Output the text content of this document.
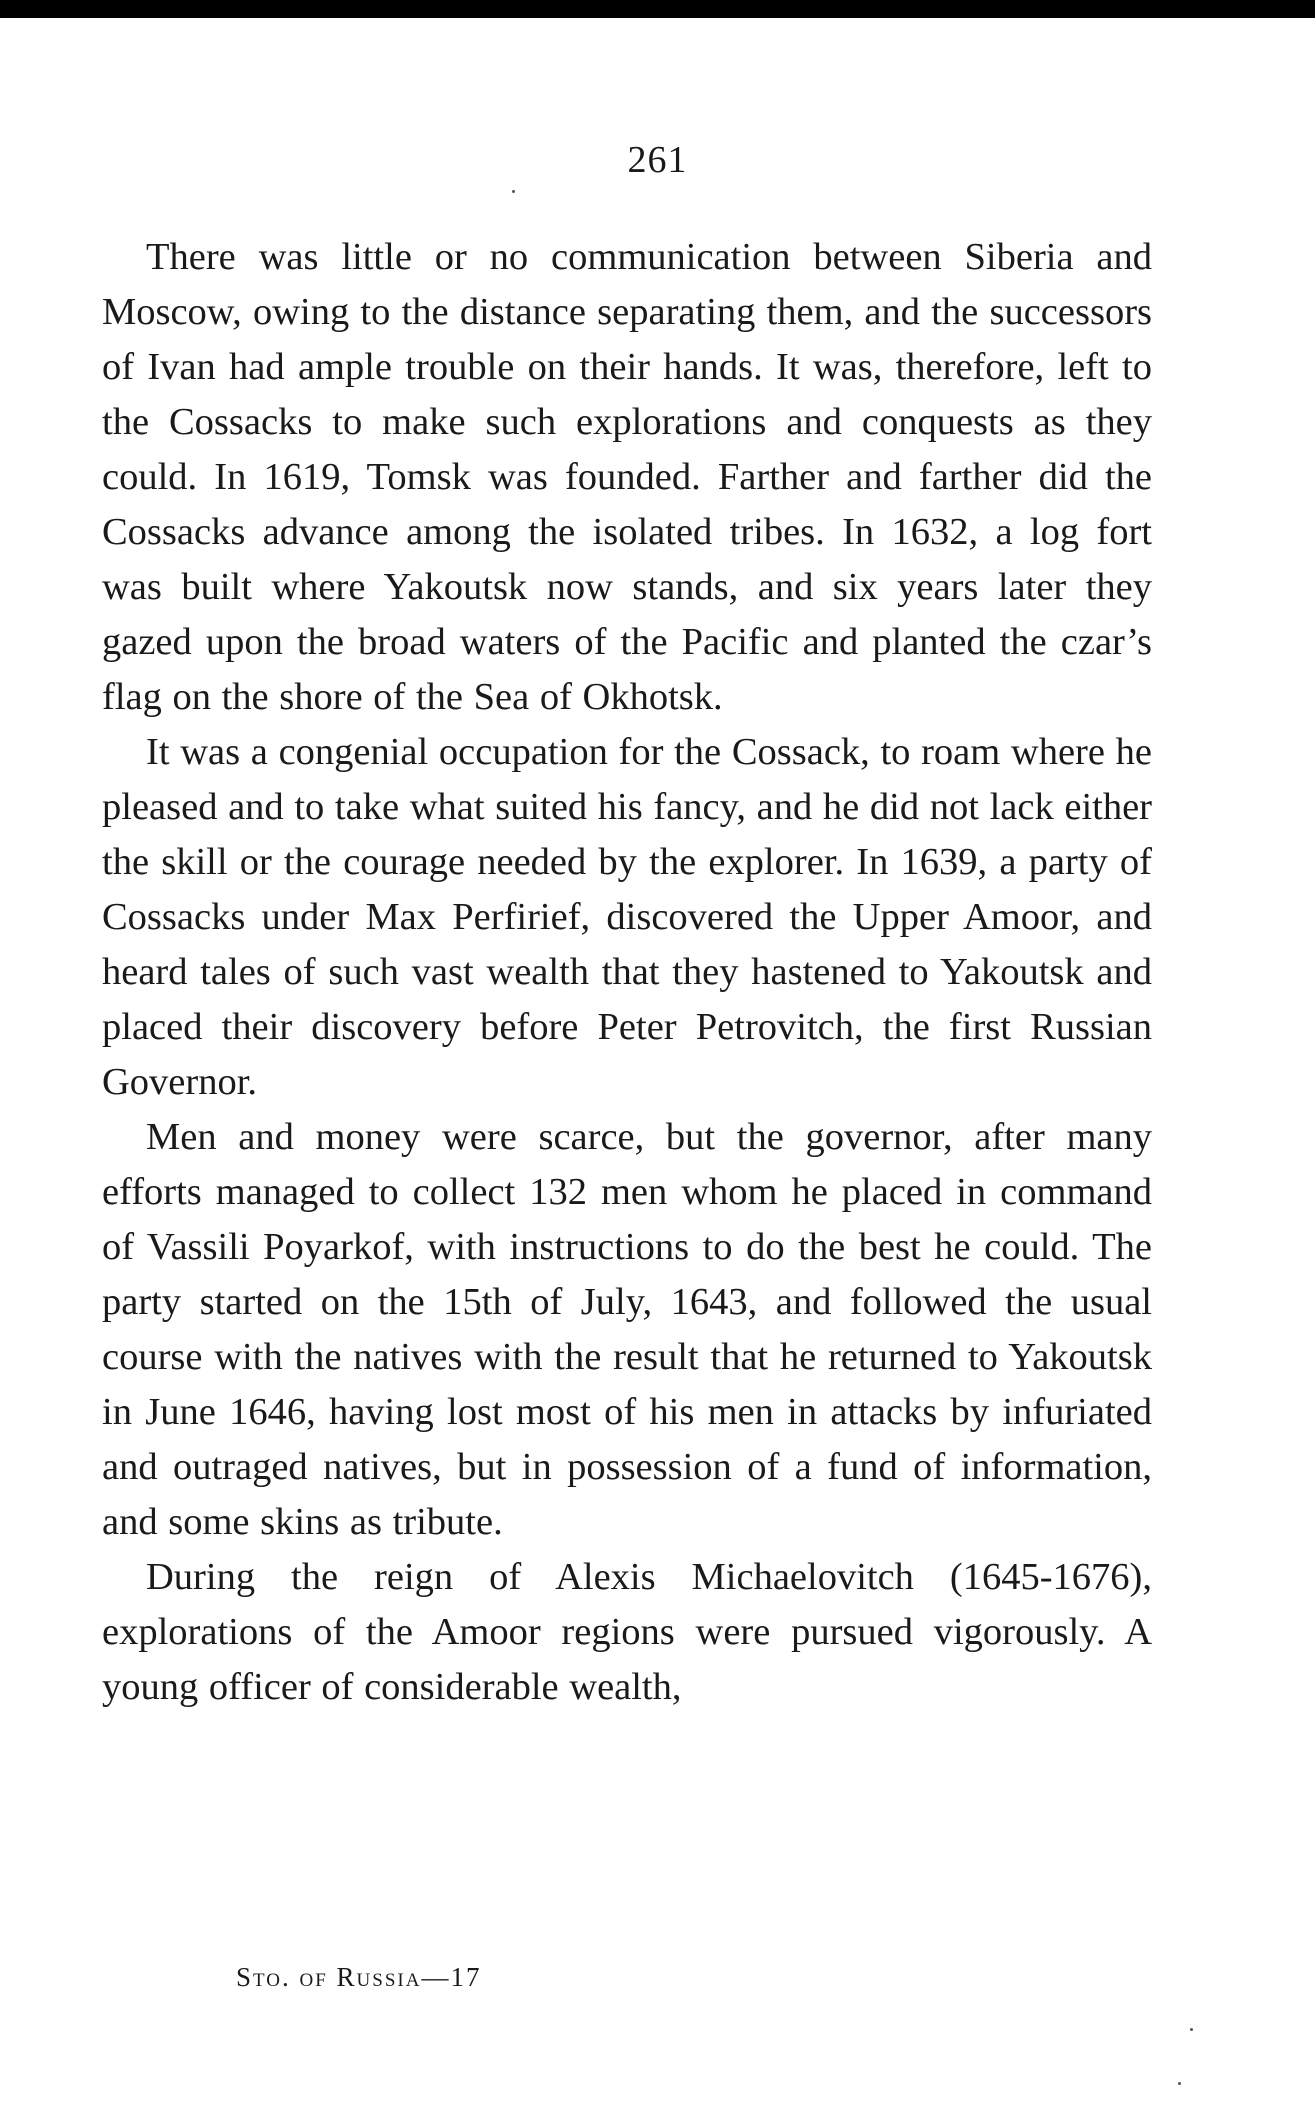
261

There was little or no communication between Siberia and Moscow, owing to the distance separating them, and the successors of Ivan had ample trouble on their hands. It was, therefore, left to the Cossacks to make such explorations and conquests as they could. In 1619, Tomsk was founded. Farther and farther did the Cossacks advance among the isolated tribes. In 1632, a log fort was built where Yakoutsk now stands, and six years later they gazed upon the broad waters of the Pacific and planted the czar’s flag on the shore of the Sea of Okhotsk.

It was a congenial occupation for the Cossack, to roam where he pleased and to take what suited his fancy, and he did not lack either the skill or the courage needed by the explorer. In 1639, a party of Cossacks under Max Perfirief, discovered the Upper Amoor, and heard tales of such vast wealth that they hastened to Yakoutsk and placed their discovery before Peter Petrovitch, the first Russian Governor.

Men and money were scarce, but the governor, after many efforts managed to collect 132 men whom he placed in command of Vassili Poyarkof, with instructions to do the best he could. The party started on the 15th of July, 1643, and followed the usual course with the natives with the result that he returned to Yakoutsk in June 1646, having lost most of his men in attacks by infuriated and outraged natives, but in possession of a fund of information, and some skins as tribute.

During the reign of Alexis Michaelovitch (1645-1676), explorations of the Amoor regions were pursued vigorously. A young officer of considerable wealth,

Sto. of Russia—17
